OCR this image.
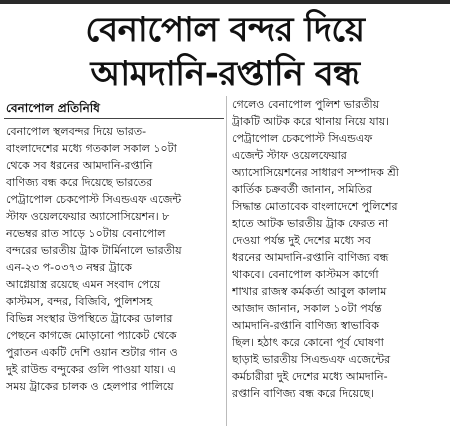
বেনাপোল বন্দর দিয়ে
আমদানি-রপ্তানি বন্ধ
বেনাপোল প্রতিনিধি
বেনাপোল স্থলবন্দর দিয়ে ভারত-
বাংলাদেশের মধ্যে গতকাল সকাল ১০টা
থেকে সব ধরনের আমদানি-রপ্তানি
বাণিজ্য বন্ধ করে দিয়েছে ভারতের
পেট্রাপোল চেকপোস্ট সিএন্ডএফ এজেন্ট
স্টাফ ওয়েলফেয়ার অ্যাসোসিয়েশন। ৮
নভেম্বর রাত সাড়ে ১০টায় বেনাপোল
বন্দরের ভারতীয় ট্রাক টার্মিনালে ভারতীয়
এন-২৩ প-০৩৭৩ নম্বর ট্রাকে
আগ্নেয়াস্ত্র রয়েছে এমন সংবাদ পেয়ে
কাস্টমস, বন্দর, বিজিবি, পুলিশসহ
বিভিন্ন সংস্থার উপস্থিতে ট্রাকের ডালার
পেছনে কাগজে মোড়ানো প্যাকেট থেকে
পুরাতন একটি দেশি ওয়ান শুটার গান ও
দুই রাউন্ড বন্দুকের গুলি পাওয়া যায়। এ
সময় ট্রাকের চালক ও হেলপার পালিয়ে
গেলেও বেনাপোল পুলিশ ভারতীয়
ট্রাকটি আটক করে থানায় নিয়ে যায়।
পেট্রাপোল চেকপোস্ট সিএন্ডএফ
এজেন্ট স্টাফ ওয়েলফেয়ার
অ্যাসোসিয়েশনের সাধারণ সম্পাদক শ্রী
কার্তিক চক্রবর্তী জানান, সমিতির
সিদ্ধান্ত মোতাবেক বাংলাদেশে পুলিশের
হাতে আটক ভারতীয় ট্রাক ফেরত না
দেওয়া পর্যন্ত দুই দেশের মধ্যে সব
ধরনের আমদানি-রপ্তানি বাণিজ্য বন্ধ
থাকবে। বেনাপোল কাস্টমস কার্গো
শাখার রাজস্ব কর্মকর্তা আবুল কালাম
আজাদ জানান, সকাল ১০টা পর্যন্ত
আমদানি-রপ্তানি বাণিজ্য স্বাভাবিক
ছিল। হঠাৎ করে কোনো পূর্ব ঘোষণা
ছাড়াই ভারতীয় সিএন্ডএফ এজেন্টের
কর্মচারীরা দুই দেশের মধ্যে আমদানি-
রপ্তানি বাণিজ্য বন্ধ করে দিয়েছে।
